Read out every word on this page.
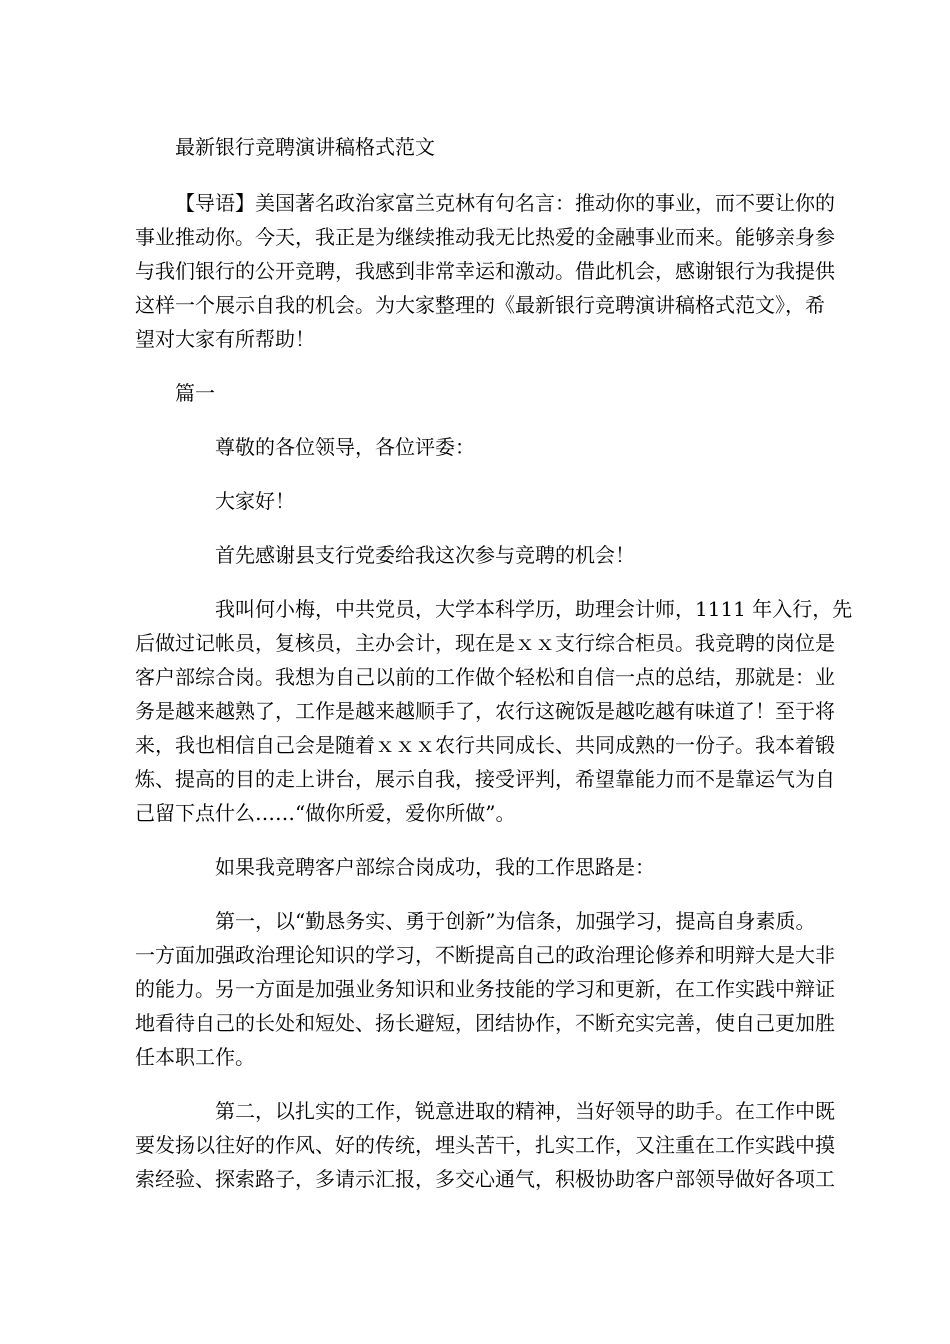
最新银行竞聘演讲稿格式范文
【导语】美国著名政治家富兰克林有句名言：推动你的事业，而不要让你的
事业推动你。今天，我正是为继续推动我无比热爱的金融事业而来。能够亲身参
与我们银行的公开竞聘，我感到非常幸运和激动。借此机会，感谢银行为我提供
这样一个展示自我的机会。为大家整理的《最新银行竞聘演讲稿格式范文》，希
望对大家有所帮助！
篇一
尊敬的各位领导，各位评委：
大家好！
首先感谢县支行党委给我这次参与竞聘的机会！
我叫何小梅，中共党员，大学本科学历，助理会计师，1111 年入行，先
后做过记帐员，复核员，主办会计，现在是ｘｘ支行综合柜员。我竞聘的岗位是
客户部综合岗。我想为自己以前的工作做个轻松和自信一点的总结，那就是：业
务是越来越熟了，工作是越来越顺手了，农行这碗饭是越吃越有味道了！至于将
来，我也相信自己会是随着ｘｘｘ农行共同成长、共同成熟的一份子。我本着锻
炼、提高的目的走上讲台，展示自我，接受评判，希望靠能力而不是靠运气为自
己留下点什么……“做你所爱，爱你所做”。
如果我竞聘客户部综合岗成功，我的工作思路是：
第一，以“勤恳务实、勇于创新”为信条，加强学习，提高自身素质。
一方面加强政治理论知识的学习，不断提高自己的政治理论修养和明辩大是大非
的能力。另一方面是加强业务知识和业务技能的学习和更新，在工作实践中辩证
地看待自己的长处和短处、扬长避短，团结协作，不断充实完善，使自己更加胜
任本职工作。
第二，以扎实的工作，锐意进取的精神，当好领导的助手。在工作中既
要发扬以往好的作风、好的传统，埋头苦干，扎实工作，又注重在工作实践中摸
索经验、探索路子，多请示汇报，多交心通气，积极协助客户部领导做好各项工
